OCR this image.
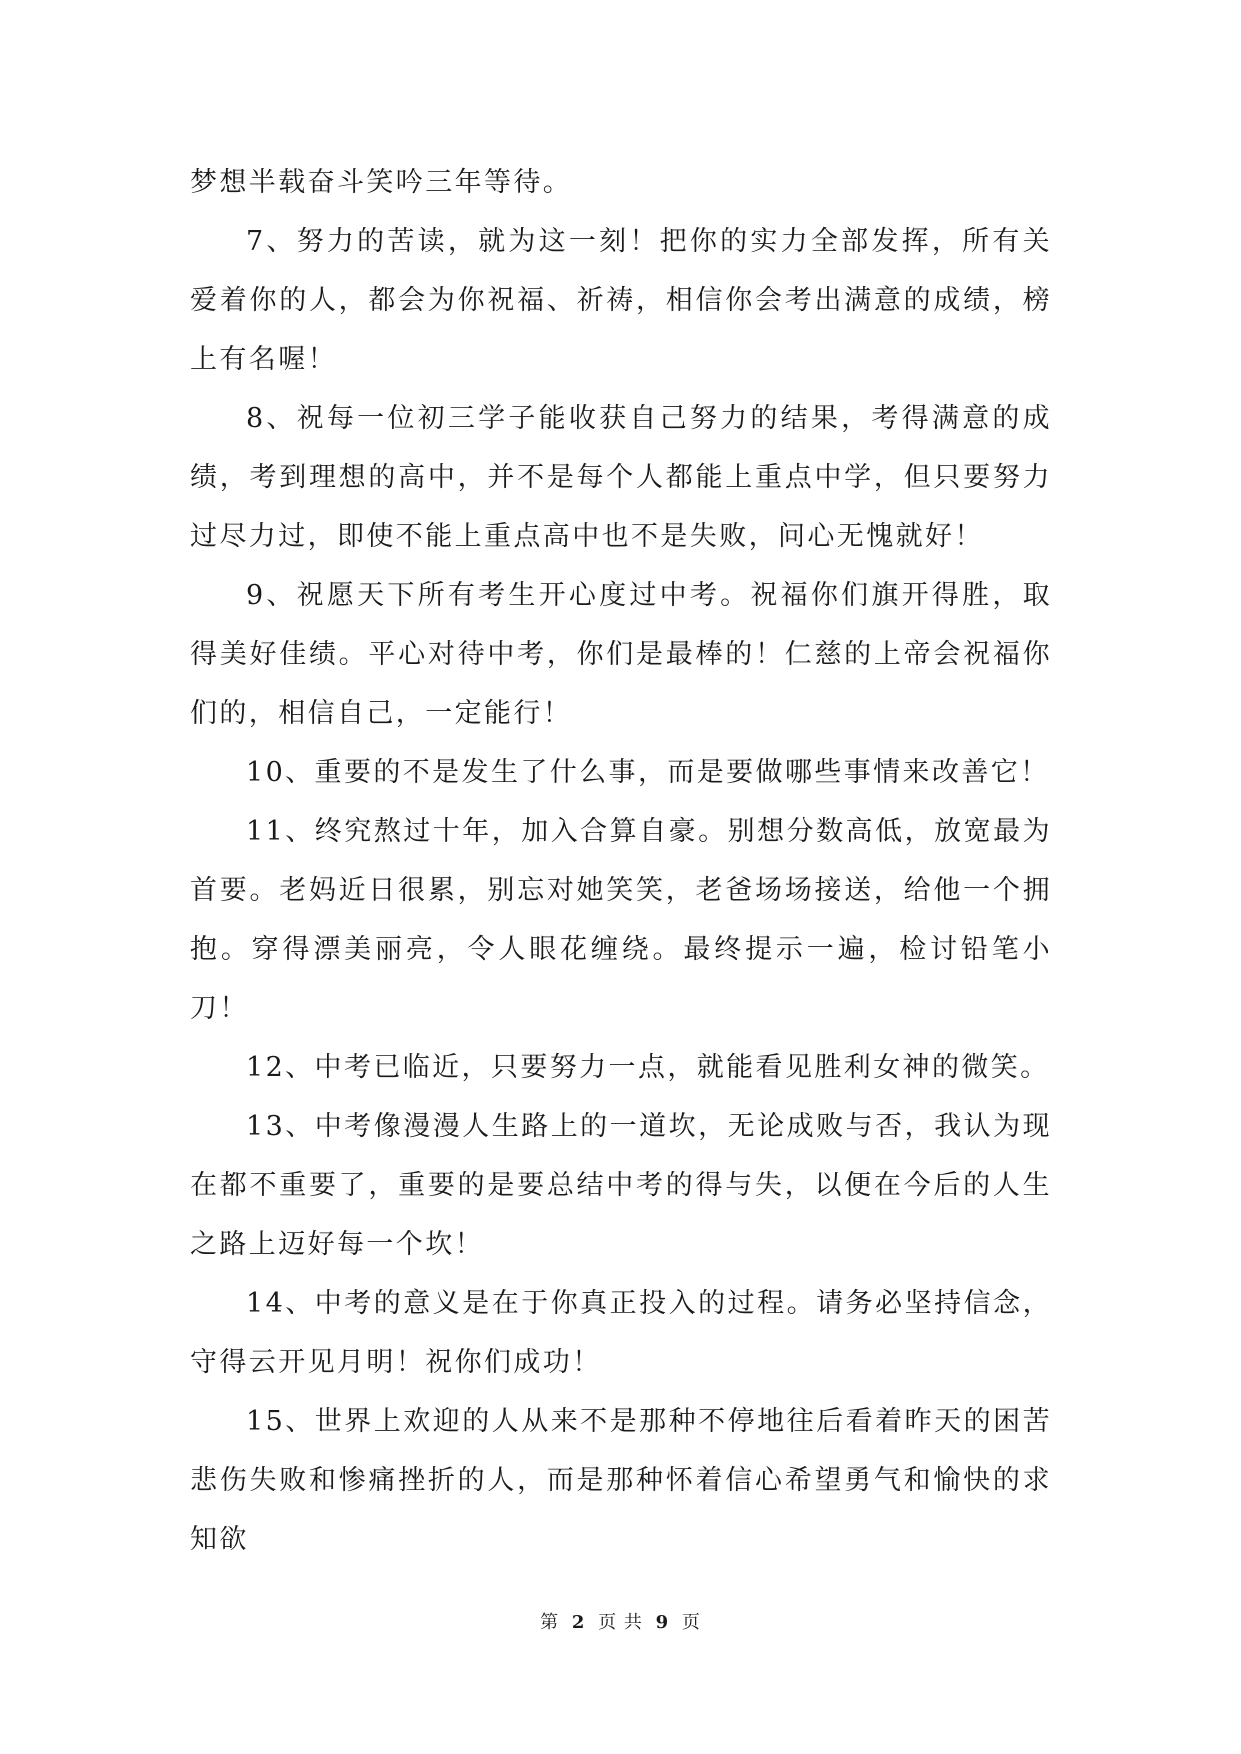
梦想半载奋斗笑吟三年等待。

7、努力的苦读，就为这一刻！把你的实力全部发挥，所有关爱着你的人，都会为你祝福、祈祷，相信你会考出满意的成绩，榜上有名喔！

8、祝每一位初三学子能收获自己努力的结果，考得满意的成绩，考到理想的高中，并不是每个人都能上重点中学，但只要努力过尽力过，即使不能上重点高中也不是失败，问心无愧就好！

9、祝愿天下所有考生开心度过中考。祝福你们旗开得胜，取得美好佳绩。平心对待中考，你们是最棒的！仁慈的上帝会祝福你们的，相信自己，一定能行！

10、重要的不是发生了什么事，而是要做哪些事情来改善它！

11、终究熬过十年，加入合算自豪。别想分数高低，放宽最为首要。老妈近日很累，别忘对她笑笑，老爸场场接送，给他一个拥抱。穿得漂美丽亮，令人眼花缠绕。最终提示一遍，检讨铅笔小刀！

12、中考已临近，只要努力一点，就能看见胜利女神的微笑。

13、中考像漫漫人生路上的一道坎，无论成败与否，我认为现在都不重要了，重要的是要总结中考的得与失，以便在今后的人生之路上迈好每一个坎！

14、中考的意义是在于你真正投入的过程。请务必坚持信念，守得云开见月明！祝你们成功！

15、世界上欢迎的人从来不是那种不停地往后看着昨天的困苦悲伤失败和惨痛挫折的人，而是那种怀着信心希望勇气和愉快的求知欲

第 2 页 共 9 页
